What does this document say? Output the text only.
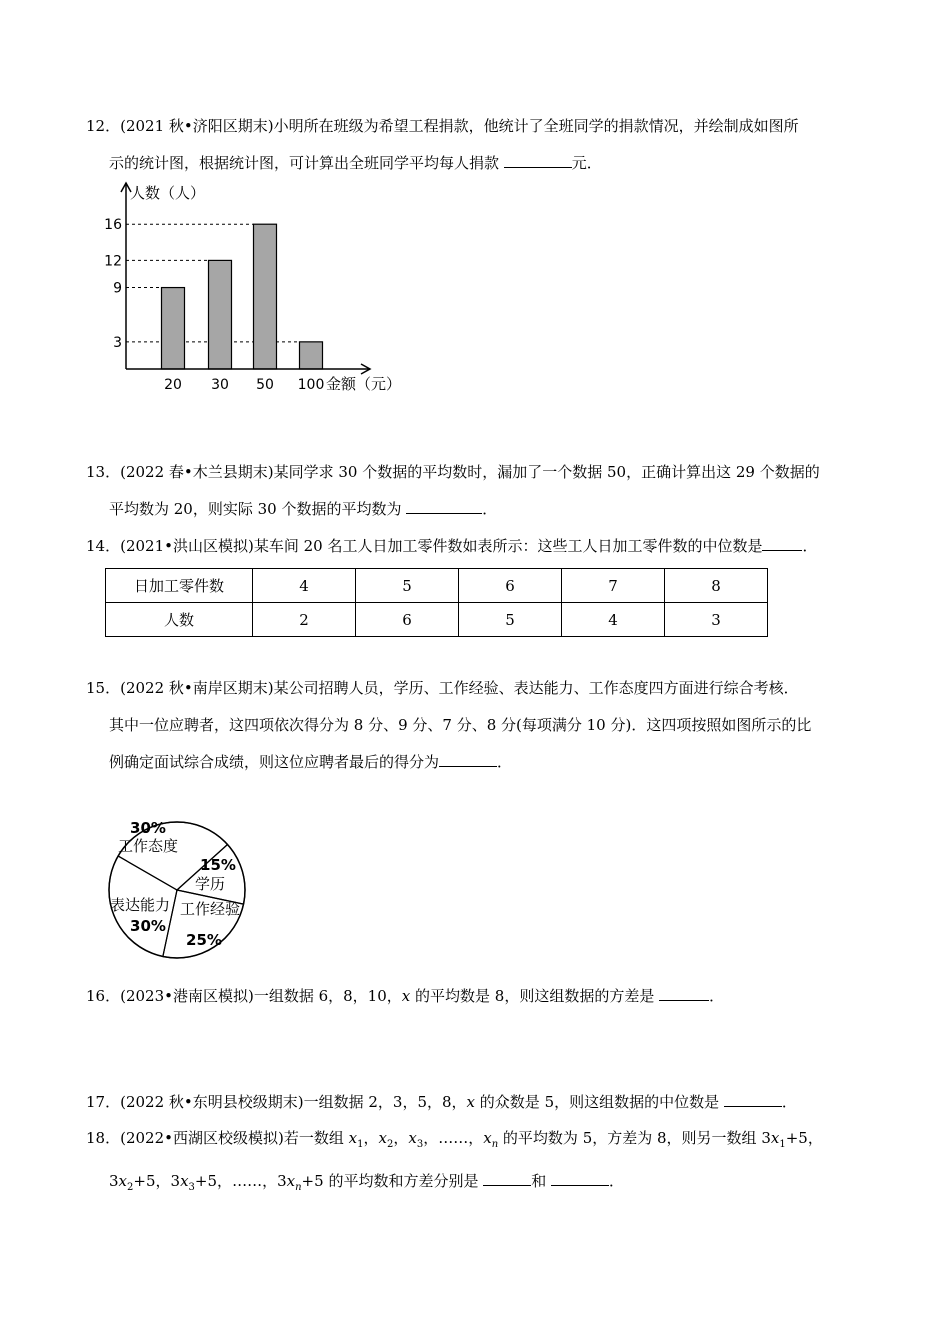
12．(2021 秋•济阳区期末)小明所在班级为希望工程捐款，他统计了全班同学的捐款情况，并绘制成如图所
示的统计图，根据统计图，可计算出全班同学平均每人捐款	元．
3
9
12
16
20 30 50 100
人数（人）
金额（元）
13．(2022 春•木兰县期末)某同学求 30 个数据的平均数时，漏加了一个数据 50，正确计算出这 29 个数据的
平均数为 20，则实际 30 个数据的平均数为	．
14．(2021•洪山区模拟)某车间 20 名工人日加工零件数如表所示：这些工人日加工零件数的中位数是	．
日加工零件数	4	5	6	7	8
人数	2	6	5	4	3
15．(2022 秋•南岸区期末)某公司招聘人员，学历、工作经验、表达能力、工作态度四方面进行综合考核．
其中一位应聘者，这四项依次得分为 8 分、9 分、7 分、8 分(每项满分 10 分)．这四项按照如图所示的比
例确定面试综合成绩，则这位应聘者最后的得分为	．
工作态度
30%
学历
15%
工作经验
25%
表达能力
30%
16．(2023•港南区模拟)一组数据 6，8，10，x 的平均数是 8，则这组数据的方差是	．
17．(2022 秋•东明县校级期末)一组数据 2，3，5，8，x 的众数是 5，则这组数据的中位数是	．
18．(2022•西湖区校级模拟)若一数组 $x_1$，$x_2$，$x_3$，……，$x_n$ 的平均数为 5，方差为 8，则另一数组 $3x_1+5$，
$3x_2+5$，$3x_3+5$，……，$3x_n+5$ 的平均数和方差分别是	和	．
